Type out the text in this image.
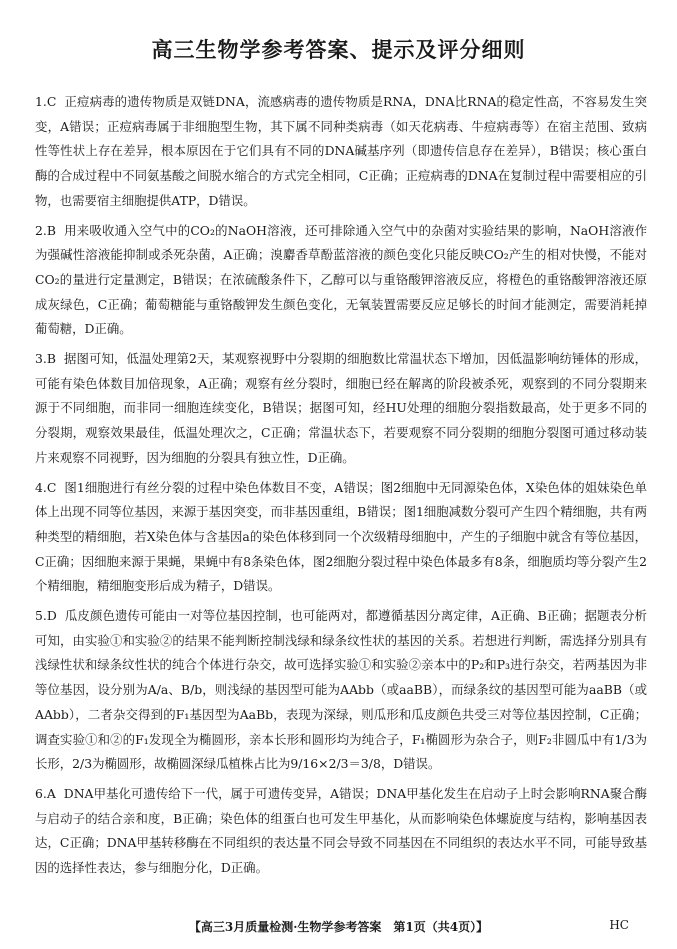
高三生物学参考答案、提示及评分细则
1.C 正痘病毒的遗传物质是双链DNA，流感病毒的遗传物质是RNA，DNA比RNA的稳定性高，不容易发生突变，A错误；正痘病毒属于非细胞型生物，其下属不同种类病毒（如天花病毒、牛痘病毒等）在宿主范围、致病性等性状上存在差异，根本原因在于它们具有不同的DNA碱基序列（即遗传信息存在差异），B错误；核心蛋白酶的合成过程中不同氨基酸之间脱水缩合的方式完全相同，C正确；正痘病毒的DNA在复制过程中需要相应的引物，也需要宿主细胞提供ATP，D错误。
2.B 用来吸收通入空气中的CO₂的NaOH溶液，还可排除通入空气中的杂菌对实验结果的影响，NaOH溶液作为强碱性溶液能抑制或杀死杂菌，A正确；溴麝香草酚蓝溶液的颜色变化只能反映CO₂产生的相对快慢，不能对CO₂的量进行定量测定，B错误；在浓硫酸条件下，乙醇可以与重铬酸钾溶液反应，将橙色的重铬酸钾溶液还原成灰绿色，C正确；葡萄糖能与重铬酸钾发生颜色变化，无氧装置需要反应足够长的时间才能测定，需要消耗掉葡萄糖，D正确。
3.B 据图可知，低温处理第2天，某观察视野中分裂期的细胞数比常温状态下增加，因低温影响纺锤体的形成，可能有染色体数目加倍现象，A正确；观察有丝分裂时，细胞已经在解离的阶段被杀死，观察到的不同分裂期来源于不同细胞，而非同一细胞连续变化，B错误；据图可知，经HU处理的细胞分裂指数最高，处于更多不同的分裂期，观察效果最佳，低温处理次之，C正确；常温状态下，若要观察不同分裂期的细胞分裂图可通过移动装片来观察不同视野，因为细胞的分裂具有独立性，D正确。
4.C 图1细胞进行有丝分裂的过程中染色体数目不变，A错误；图2细胞中无同源染色体，X染色体的姐妹染色单体上出现不同等位基因，来源于基因突变，而非基因重组，B错误；图1细胞减数分裂可产生四个精细胞，共有两种类型的精细胞，若X染色体与含基因a的染色体移到同一个次级精母细胞中，产生的子细胞中就含有等位基因，C正确；因细胞来源于果蝇，果蝇中有8条染色体，图2细胞分裂过程中染色体最多有8条，细胞质均等分裂产生2个精细胞，精细胞变形后成为精子，D错误。
5.D 瓜皮颜色遗传可能由一对等位基因控制，也可能两对，都遵循基因分离定律，A正确、B正确；据题表分析可知，由实验①和实验②的结果不能判断控制浅绿和绿条纹性状的基因的关系。若想进行判断，需选择分别具有浅绿性状和绿条纹性状的纯合个体进行杂交，故可选择实验①和实验②亲本中的P₂和P₃进行杂交，若两基因为非等位基因，设分别为A/a、B/b，则浅绿的基因型可能为AAbb（或aaBB），而绿条纹的基因型可能为aaBB（或AAbb），二者杂交得到的F₁基因型为AaBb，表现为深绿，则瓜形和瓜皮颜色共受三对等位基因控制，C正确；调查实验①和②的F₁发现全为椭圆形，亲本长形和圆形均为纯合子，F₁椭圆形为杂合子，则F₂非圆瓜中有1/3为长形，2/3为椭圆形，故椭圆深绿瓜植株占比为9/16×2/3＝3/8，D错误。
6.A DNA甲基化可遗传给下一代，属于可遗传变异，A错误；DNA甲基化发生在启动子上时会影响RNA聚合酶与启动子的结合亲和度，B正确；染色体的组蛋白也可发生甲基化，从而影响染色体螺旋度与结构，影响基因表达，C正确；DNA甲基转移酶在不同组织的表达量不同会导致不同基因在不同组织的表达水平不同，可能导致基因的选择性表达，参与细胞分化，D正确。
【高三3月质量检测·生物学参考答案　第1页（共4页）】	HC
